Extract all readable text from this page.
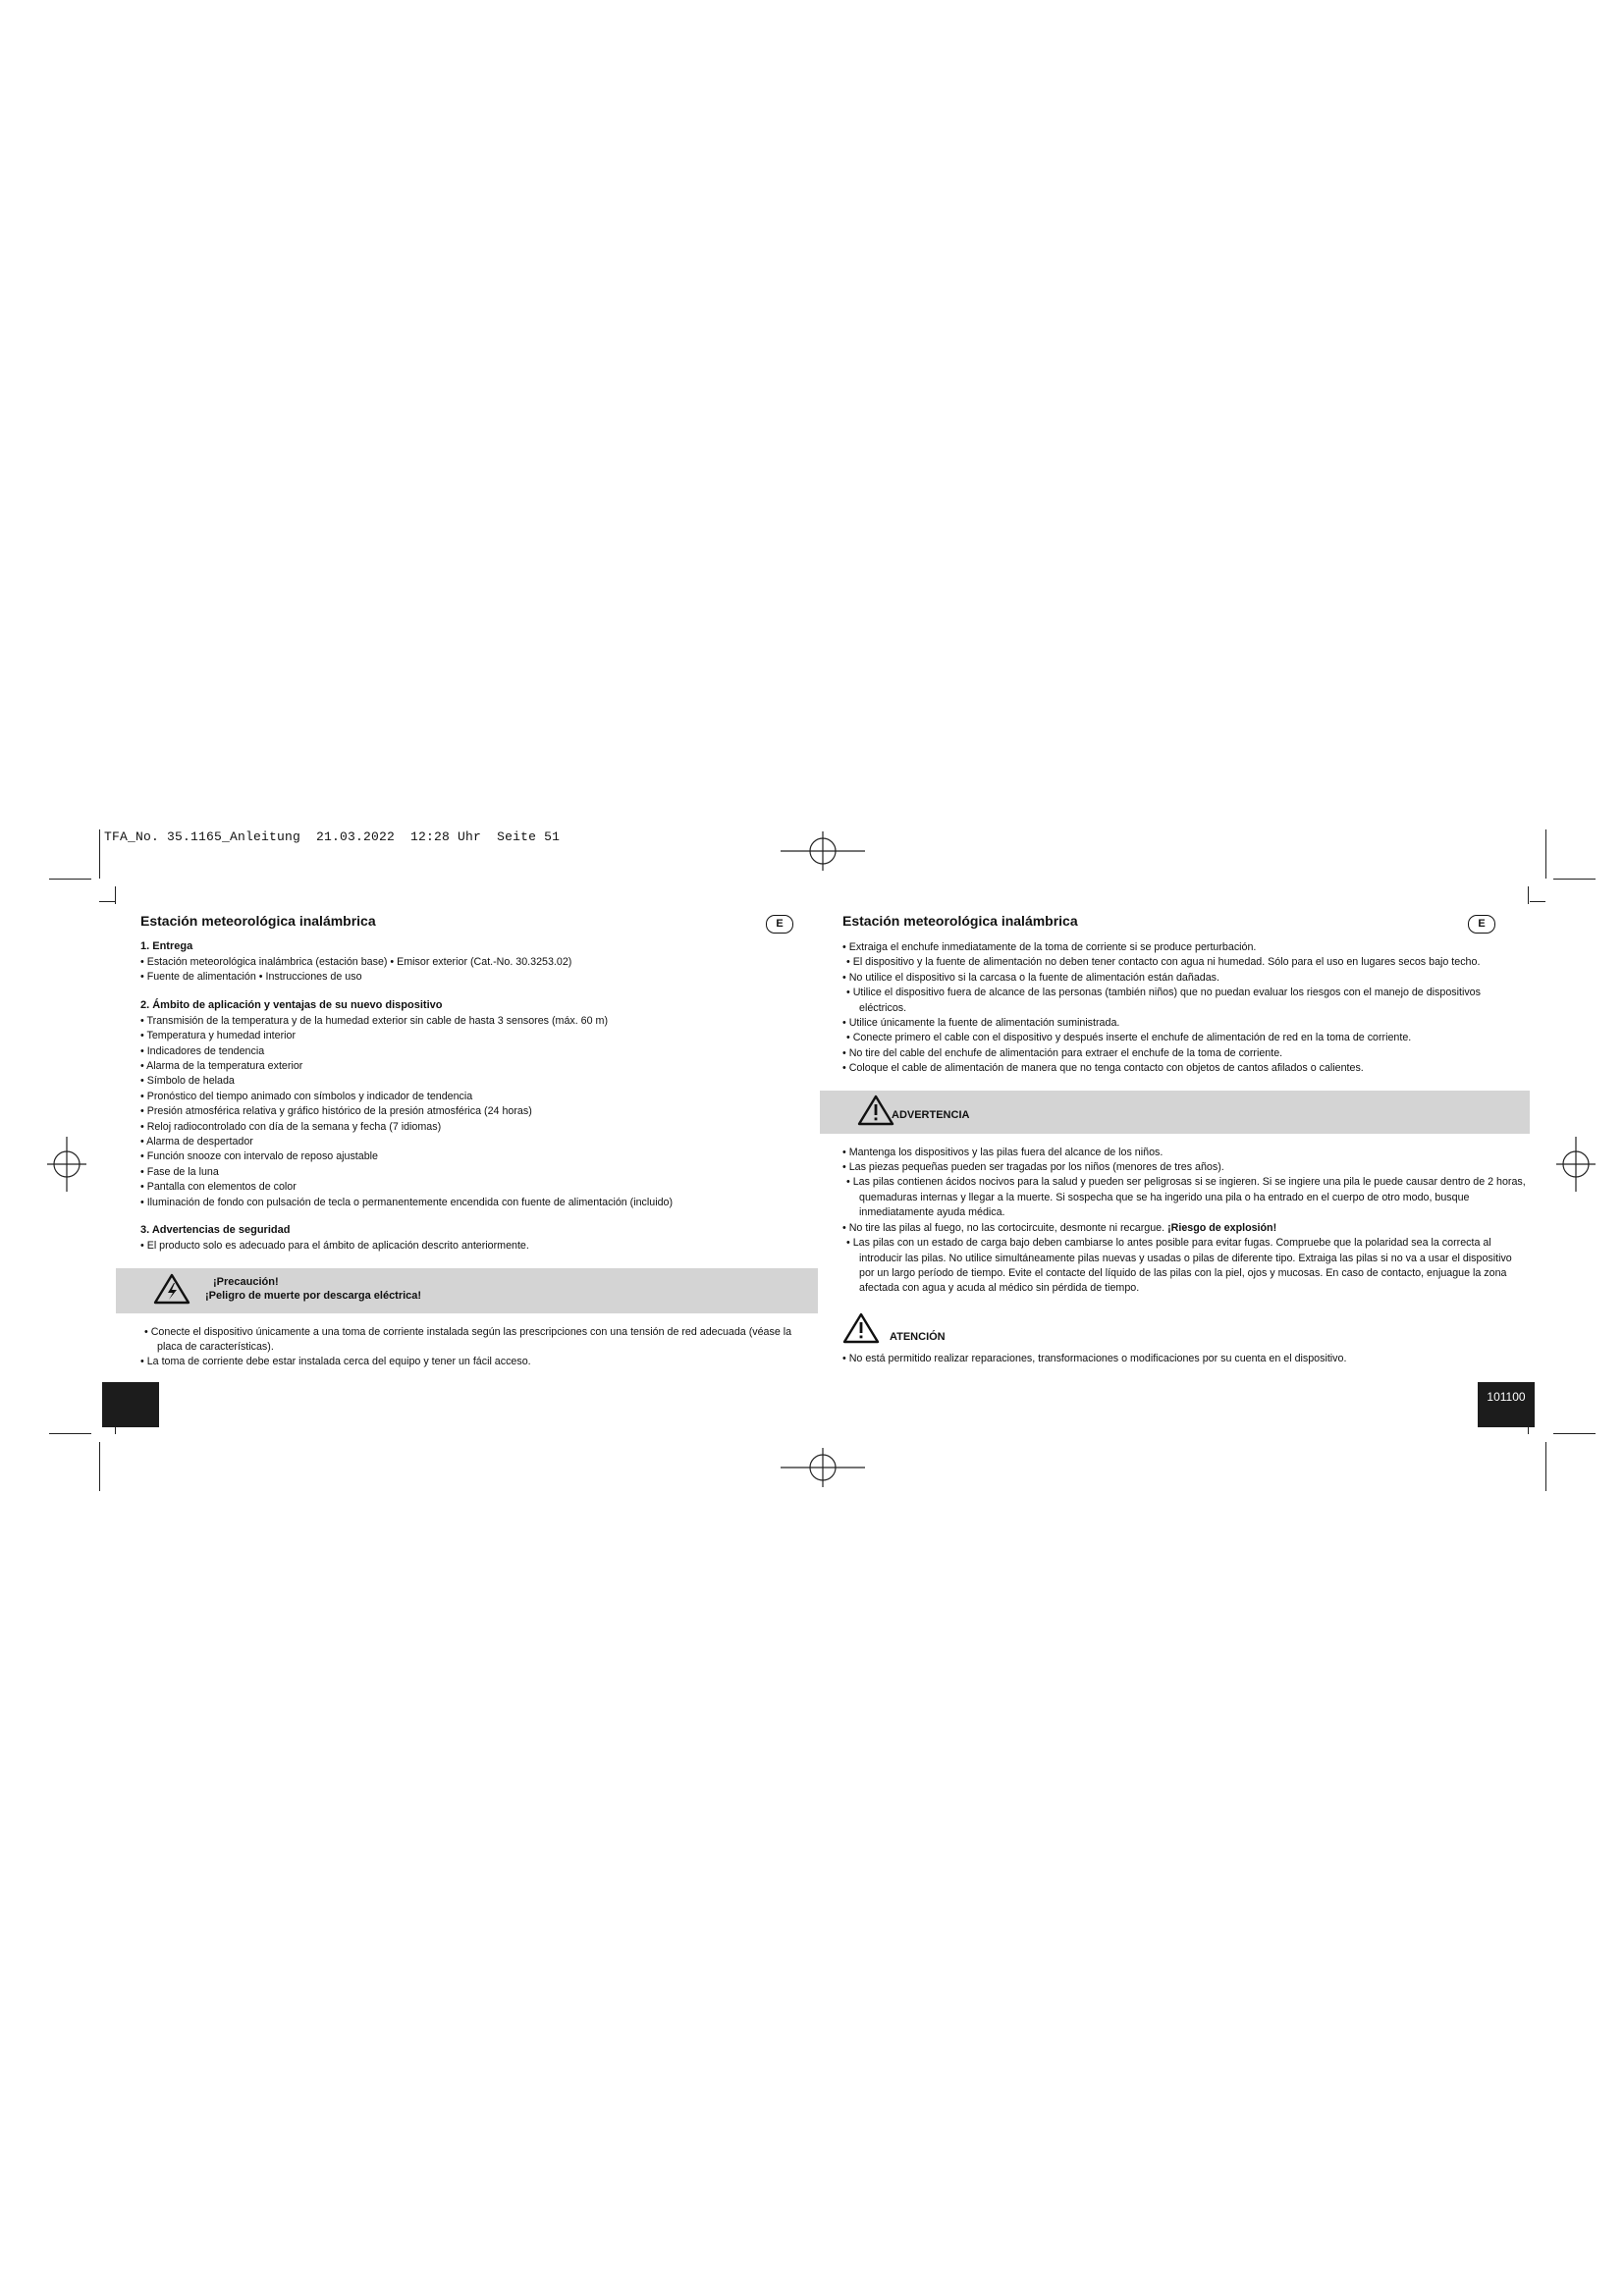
TFA_No. 35.1165_Anleitung  21.03.2022  12:28 Uhr  Seite 51
E	E
Estación meteorológica inalámbrica
1. Entrega
• Estación meteorológica inalámbrica (estación base) • Emisor exterior (Cat.-No. 30.3253.02)
• Fuente de alimentación • Instrucciones de uso
2. Ámbito de aplicación y ventajas de su nuevo dispositivo
• Transmisión de la temperatura y de la humedad exterior sin cable de hasta 3 sensores (máx. 60 m)
• Temperatura y humedad interior
• Indicadores de tendencia
• Alarma de la temperatura exterior
• Símbolo de helada
• Pronóstico del tiempo animado con símbolos y indicador de tendencia
• Presión atmosférica relativa y gráfico histórico de la presión atmosférica (24 horas)
• Reloj radiocontrolado con día de la semana y fecha (7 idiomas)
• Alarma de despertador
• Función snooze con intervalo de reposo ajustable
• Fase de la luna
• Pantalla con elementos de color
• Iluminación de fondo con pulsación de tecla o permanentemente encendida con fuente de alimentación (incluido)
3. Advertencias de seguridad
• El producto solo es adecuado para el ámbito de aplicación descrito anteriormente.
¡Precaución!
¡Peligro de muerte por descarga eléctrica!
• Conecte el dispositivo únicamente a una toma de corriente instalada según las prescripciones con una tensión de red adecuada (véase la placa de características).
• La toma de corriente debe estar instalada cerca del equipo y tener un fácil acceso.
Estación meteorológica inalámbrica
• Extraiga el enchufe inmediatamente de la toma de corriente si se produce perturbación.
• El dispositivo y la fuente de alimentación no deben tener contacto con agua ni humedad. Sólo para el uso en lugares secos bajo techo.
• No utilice el dispositivo si la carcasa o la fuente de alimentación están dañadas.
• Utilice el dispositivo fuera de alcance de las personas (también niños) que no puedan evaluar los riesgos con el manejo de dispositivos eléctricos.
• Utilice únicamente la fuente de alimentación suministrada.
• Conecte primero el cable con el dispositivo y después inserte el enchufe de alimentación de red en la toma de corriente.
• No tire del cable del enchufe de alimentación para extraer el enchufe de la toma de corriente.
• Coloque el cable de alimentación de manera que no tenga contacto con objetos de cantos afilados o calientes.
ADVERTENCIA
• Mantenga los dispositivos y las pilas fuera del alcance de los niños.
• Las piezas pequeñas pueden ser tragadas por los niños (menores de tres años).
• Las pilas contienen ácidos nocivos para la salud y pueden ser peligrosas si se ingieren. Si se ingiere una pila le puede causar dentro de 2 horas, quemaduras internas y llegar a la muerte. Si sospecha que se ha ingerido una pila o ha entrado en el cuerpo de otro modo, busque inmediatamente ayuda médica.
• No tire las pilas al fuego, no las cortocircuite, desmonte ni recargue. ¡Riesgo de explosión!
• Las pilas con un estado de carga bajo deben cambiarse lo antes posible para evitar fugas. Compruebe que la polaridad sea la correcta al introducir las pilas. No utilice simultáneamente pilas nuevas y usadas o pilas de diferente tipo. Extraiga las pilas si no va a usar el dispositivo por un largo período de tiempo. Evite el contacte del líquido de las pilas con la piel, ojos y mucosas. En caso de contacto, enjuague la zona afectada con agua y acuda al médico sin pérdida de tiempo.
ATENCIÓN
• No está permitido realizar reparaciones, transformaciones o modificaciones por su cuenta en el dispositivo.
101100
